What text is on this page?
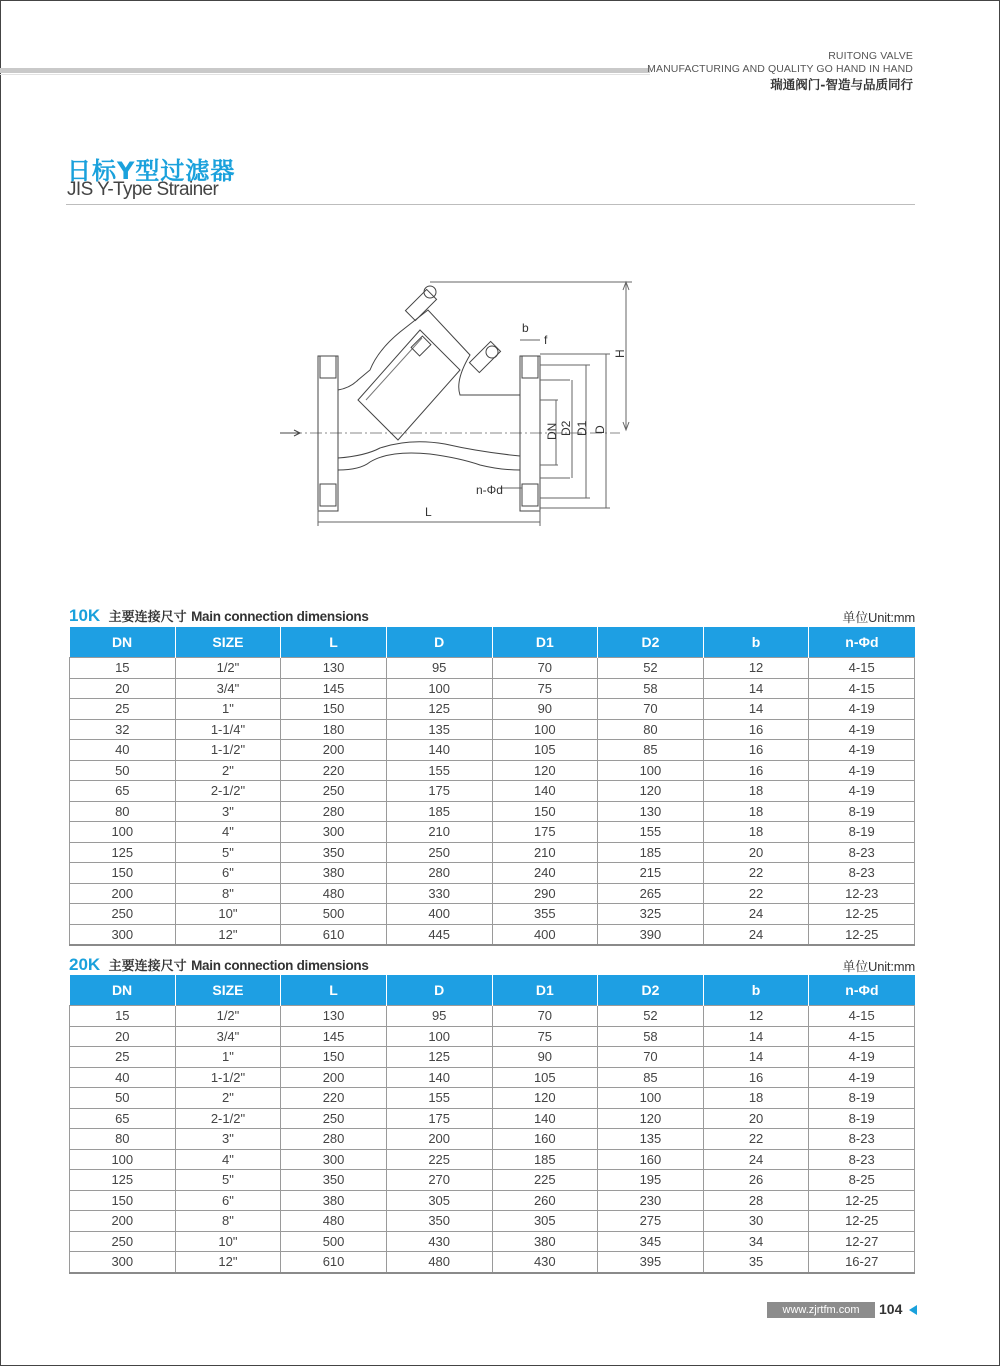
RUITONG VALVE
MANUFACTURING AND QUALITY GO HAND IN HAND
瑞通阀门-智造与品质同行
日标Y型过滤器
JIS Y-Type Strainer
b
f
H
DN D2 D1 D
n-Φd
L
10K 主要连接尺寸 Main connection dimensions	单位Unit:mm
DN	SIZE	L	D	D1	D2	b	n-Φd
15	1/2"	130	95	70	52	12	4-15
20	3/4"	145	100	75	58	14	4-15
25	1"	150	125	90	70	14	4-19
32	1-1/4"	180	135	100	80	16	4-19
40	1-1/2"	200	140	105	85	16	4-19
50	2"	220	155	120	100	16	4-19
65	2-1/2"	250	175	140	120	18	4-19
80	3"	280	185	150	130	18	8-19
100	4"	300	210	175	155	18	8-19
125	5"	350	250	210	185	20	8-23
150	6"	380	280	240	215	22	8-23
200	8"	480	330	290	265	22	12-23
250	10"	500	400	355	325	24	12-25
300	12"	610	445	400	390	24	12-25
20K 主要连接尺寸 Main connection dimensions	单位Unit:mm
DN	SIZE	L	D	D1	D2	b	n-Φd
15	1/2"	130	95	70	52	12	4-15
20	3/4"	145	100	75	58	14	4-15
25	1"	150	125	90	70	14	4-19
40	1-1/2"	200	140	105	85	16	4-19
50	2"	220	155	120	100	18	8-19
65	2-1/2"	250	175	140	120	20	8-19
80	3"	280	200	160	135	22	8-23
100	4"	300	225	185	160	24	8-23
125	5"	350	270	225	195	26	8-25
150	6"	380	305	260	230	28	12-25
200	8"	480	350	305	275	30	12-25
250	10"	500	430	380	345	34	12-27
300	12"	610	480	430	395	35	16-27
www.zjrtfm.com	104
